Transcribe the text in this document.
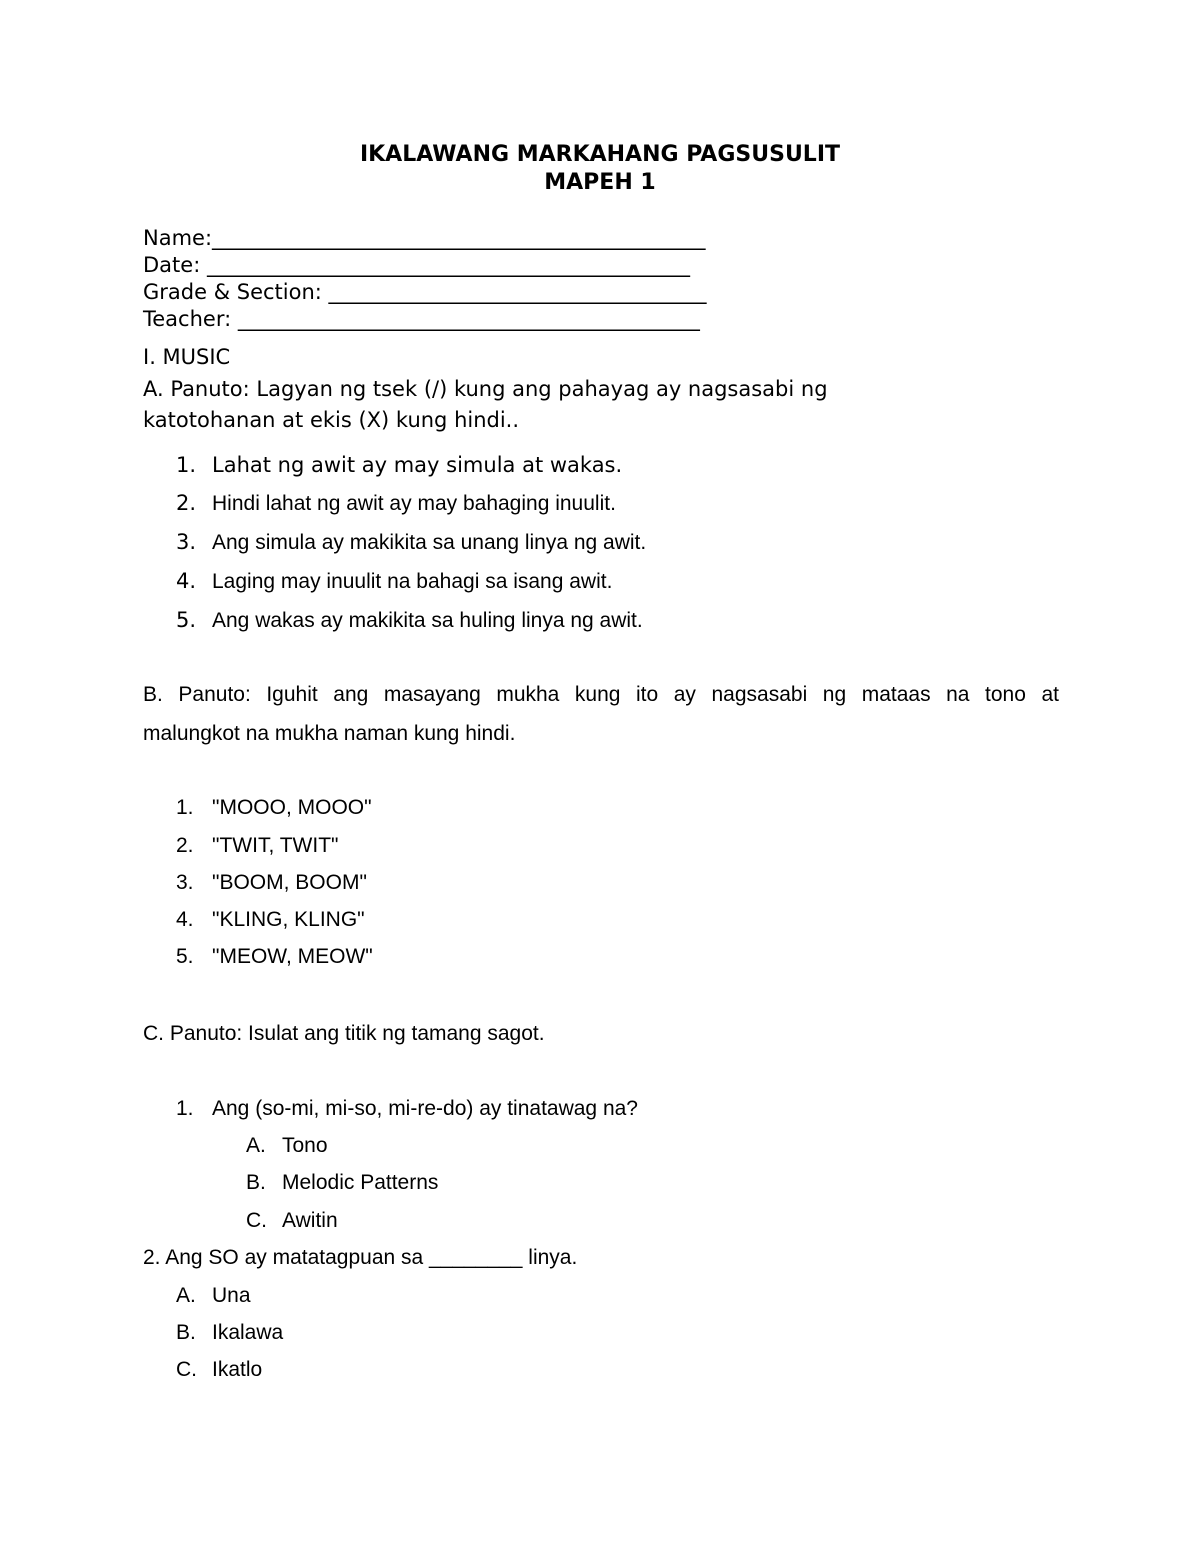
IKALAWANG MARKAHANG PAGSUSULIT
MAPEH 1
Name:_______________________________________________
Date: ______________________________________________
Grade & Section: ____________________________________
Teacher: ____________________________________________
I. MUSIC
A. Panuto: Lagyan ng tsek (/) kung ang pahayag ay nagsasabi ng
katotohanan at ekis (X) kung hindi..
1. Lahat ng awit ay may simula at wakas.
2. Hindi lahat ng awit ay may bahaging inuulit.
3. Ang simula ay makikita sa unang linya ng awit.
4. Laging may inuulit na bahagi sa isang awit.
5. Ang wakas ay makikita sa huling linya ng awit.
B. Panuto: Iguhit ang masayang mukha kung ito ay nagsasabi ng mataas na tono at
malungkot na mukha naman kung hindi.
1. "MOOO, MOOO"
2. "TWIT, TWIT"
3. "BOOM, BOOM"
4. "KLING, KLING"
5. "MEOW, MEOW"
C. Panuto: Isulat ang titik ng tamang sagot.
1. Ang (so-mi, mi-so, mi-re-do) ay tinatawag na?
A. Tono
B. Melodic Patterns
C. Awitin
2. Ang SO ay matatagpuan sa ________ linya.
A. Una
B. Ikalawa
C. Ikatlo
